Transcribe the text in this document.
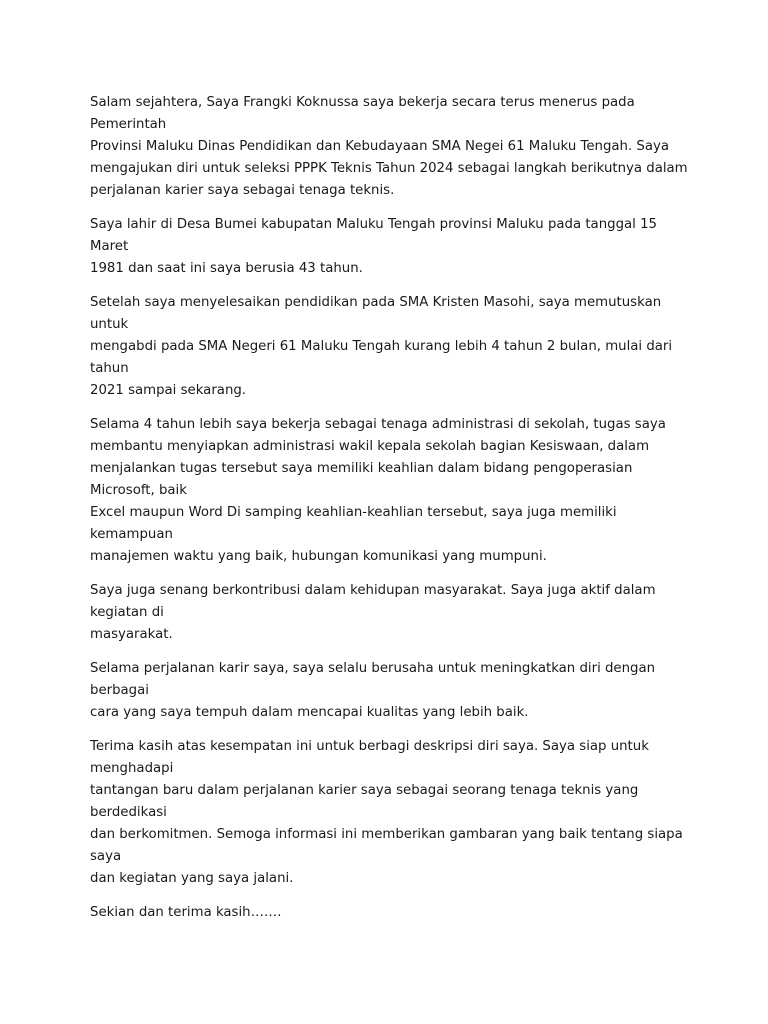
Salam sejahtera, Saya Frangki Koknussa saya bekerja secara terus menerus pada Pemerintah
Provinsi Maluku Dinas Pendidikan dan Kebudayaan SMA Negei 61 Maluku Tengah. Saya
mengajukan diri untuk seleksi PPPK Teknis Tahun 2024 sebagai langkah berikutnya dalam
perjalanan karier saya sebagai tenaga teknis.

Saya lahir di Desa Bumei kabupatan Maluku Tengah provinsi Maluku pada tanggal 15 Maret
1981 dan saat ini saya berusia 43 tahun.

Setelah saya menyelesaikan pendidikan pada SMA Kristen Masohi, saya memutuskan untuk
mengabdi pada SMA Negeri 61 Maluku Tengah kurang lebih 4 tahun 2 bulan, mulai dari tahun
2021 sampai sekarang.

Selama 4 tahun lebih saya bekerja sebagai tenaga administrasi di sekolah, tugas saya
membantu menyiapkan administrasi wakil kepala sekolah bagian Kesiswaan, dalam
menjalankan tugas tersebut saya memiliki keahlian dalam bidang pengoperasian Microsoft, baik
Excel maupun Word Di samping keahlian-keahlian tersebut, saya juga memiliki kemampuan
manajemen waktu yang baik, hubungan komunikasi yang mumpuni.

Saya juga senang berkontribusi dalam kehidupan masyarakat. Saya juga aktif dalam kegiatan di
masyarakat.

Selama perjalanan karir saya, saya selalu berusaha untuk meningkatkan diri dengan berbagai
cara yang saya tempuh dalam mencapai kualitas yang lebih baik.

Terima kasih atas kesempatan ini untuk berbagi deskripsi diri saya. Saya siap untuk menghadapi
tantangan baru dalam perjalanan karier saya sebagai seorang tenaga teknis yang berdedikasi
dan berkomitmen. Semoga informasi ini memberikan gambaran yang baik tentang siapa saya
dan kegiatan yang saya jalani.

Sekian dan terima kasih…….
